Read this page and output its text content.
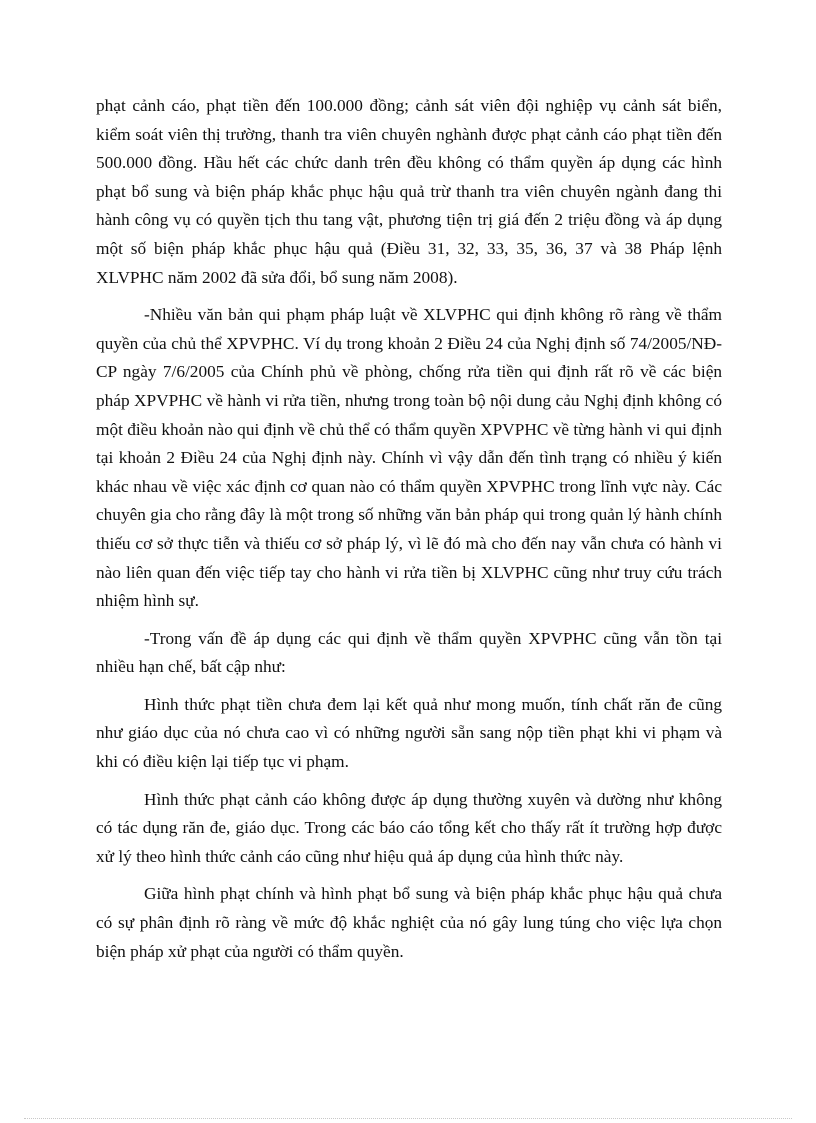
phạt cảnh cáo, phạt tiền đến 100.000 đồng; cảnh sát viên đội nghiệp vụ cảnh sát biển, kiểm soát viên thị trường, thanh tra viên chuyên nghành được phạt cảnh cáo phạt tiền đến 500.000 đồng. Hầu hết các chức danh trên đều không có thẩm quyền áp dụng các hình phạt bổ sung và biện pháp khắc phục hậu quả trừ thanh tra viên chuyên ngành đang thi hành công vụ có quyền tịch thu tang vật, phương tiện trị giá đến 2 triệu đồng và áp dụng một số biện pháp khắc phục hậu quả (Điều 31, 32, 33, 35, 36, 37 và 38 Pháp lệnh XLVPHC năm 2002 đã sửa đổi, bổ sung năm 2008).

-Nhiều văn bản qui phạm pháp luật về XLVPHC qui định không rõ ràng về thẩm quyền của chủ thể XPVPHC. Ví dụ trong khoản 2 Điều 24 của Nghị định số 74/2005/NĐ-CP ngày 7/6/2005 của Chính phủ về phòng, chống rửa tiền qui định rất rõ về các biện pháp XPVPHC về hành vi rửa tiền, nhưng trong toàn bộ nội dung cảu Nghị định không có một điều khoản nào qui định về chủ thể có thẩm quyền XPVPHC về từng hành vi qui định tại khoản 2 Điều 24 của Nghị định này. Chính vì vậy dẫn đến tình trạng có nhiều ý kiến khác nhau về việc xác định cơ quan nào có thẩm quyền XPVPHC trong lĩnh vực này. Các chuyên gia cho rằng đây là một trong số những văn bản pháp qui trong quản lý hành chính thiếu cơ sở thực tiễn và thiếu cơ sở pháp lý, vì lẽ đó mà cho đến nay vẫn chưa có hành vi nào liên quan đến việc tiếp tay cho hành vi rửa tiền bị XLVPHC cũng như truy cứu trách nhiệm hình sự.

-Trong vấn đề áp dụng các qui định về thẩm quyền XPVPHC cũng vẫn tồn tại nhiều hạn chế, bất cập như:

Hình thức phạt tiền chưa đem lại kết quả như mong muốn, tính chất răn đe cũng như giáo dục của nó chưa cao vì có những người sẵn sang nộp tiền phạt khi vi phạm và khi có điều kiện lại tiếp tục vi phạm.

Hình thức phạt cảnh cáo không được áp dụng thường xuyên và dường như không có tác dụng răn đe, giáo dục. Trong các báo cáo tổng kết cho thấy rất ít trường hợp được xử lý theo hình thức cảnh cáo cũng như hiệu quả áp dụng của hình thức này.

Giữa hình phạt chính và hình phạt bổ sung và biện pháp khắc phục hậu quả chưa có sự phân định rõ ràng về mức độ khắc nghiệt của nó gây lung túng cho việc lựa chọn biện pháp xử phạt của người có thẩm quyền.
